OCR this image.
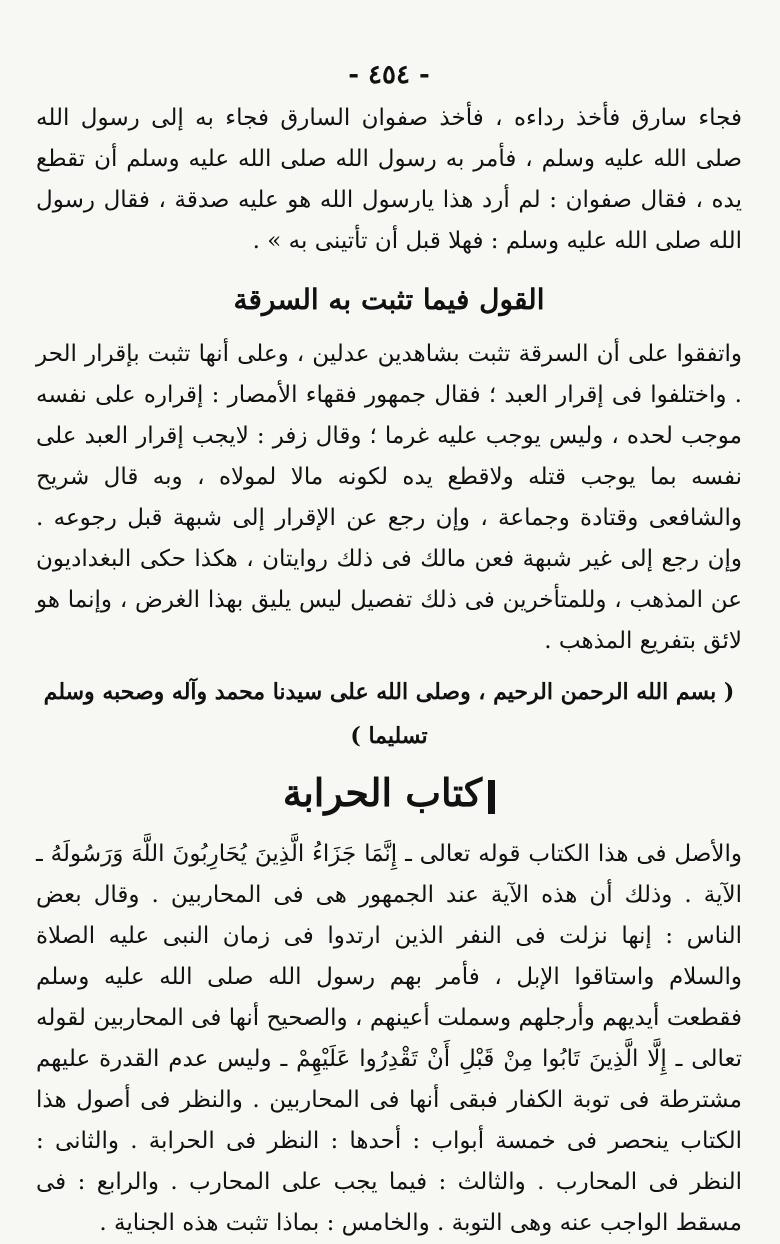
- ٤٥٤ -

فجاء سارق فأخذ رداءه ، فأخذ صفوان السارق فجاء به إلى رسول الله صلى الله عليه وسلم ، فأمر به رسول الله صلى الله عليه وسلم أن تقطع يده ، فقال صفوان : لم أرد هذا يارسول الله هو عليه صدقة ، فقال رسول الله صلى الله عليه وسلم : فهلا قبل أن تأتينى به » .

القول فيما تثبت به السرقة

واتفقوا على أن السرقة تثبت بشاهدين عدلين ، وعلى أنها تثبت بإقرار الحر . واختلفوا فى إقرار العبد ؛ فقال جمهور فقهاء الأمصار : إقراره على نفسه موجب لحده ، وليس يوجب عليه غرما ؛ وقال زفر : لايجب إقرار العبد على نفسه بما يوجب قتله ولاقطع يده لكونه مالا لمولاه ، وبه قال شريح والشافعى وقتادة وجماعة ، وإن رجع عن الإقرار إلى شبهة قبل رجوعه . وإن رجع إلى غير شبهة فعن مالك فى ذلك روايتان ، هكذا حكى البغداديون عن المذهب ، وللمتأخرين فى ذلك تفصيل ليس يليق بهذا الغرض ، وإنما هو لائق بتفريع المذهب .

( بسم الله الرحمن الرحيم ، وصلى الله على سيدنا محمد وآله وصحبه وسلم تسليما )
كتاب الحرابة

والأصل فى هذا الكتاب قوله تعالى ـ إِنَّمَا جَزَاءُ الَّذِينَ يُحَارِبُونَ اللَّهَ وَرَسُولَهُ ـ الآية . وذلك أن هذه الآية عند الجمهور هى فى المحاربين . وقال بعض الناس : إنها نزلت فى النفر الذين ارتدوا فى زمان النبى عليه الصلاة والسلام واستاقوا الإبل ، فأمر بهم رسول الله صلى الله عليه وسلم فقطعت أيديهم وأرجلهم وسملت أعينهم ، والصحيح أنها فى المحاربين لقوله تعالى ـ إِلَّا الَّذِينَ تَابُوا مِنْ قَبْلِ أَنْ تَقْدِرُوا عَلَيْهِمْ ـ وليس عدم القدرة عليهم مشترطة فى توبة الكفار فبقى أنها فى المحاربين . والنظر فى أصول هذا الكتاب ينحصر فى خمسة أبواب : أحدها : النظر فى الحرابة . والثانى : النظر فى المحارب . والثالث : فيما يجب على المحارب . والرابع : فى مسقط الواجب عنه وهى التوبة . والخامس : بماذا تثبت هذه الجناية .
